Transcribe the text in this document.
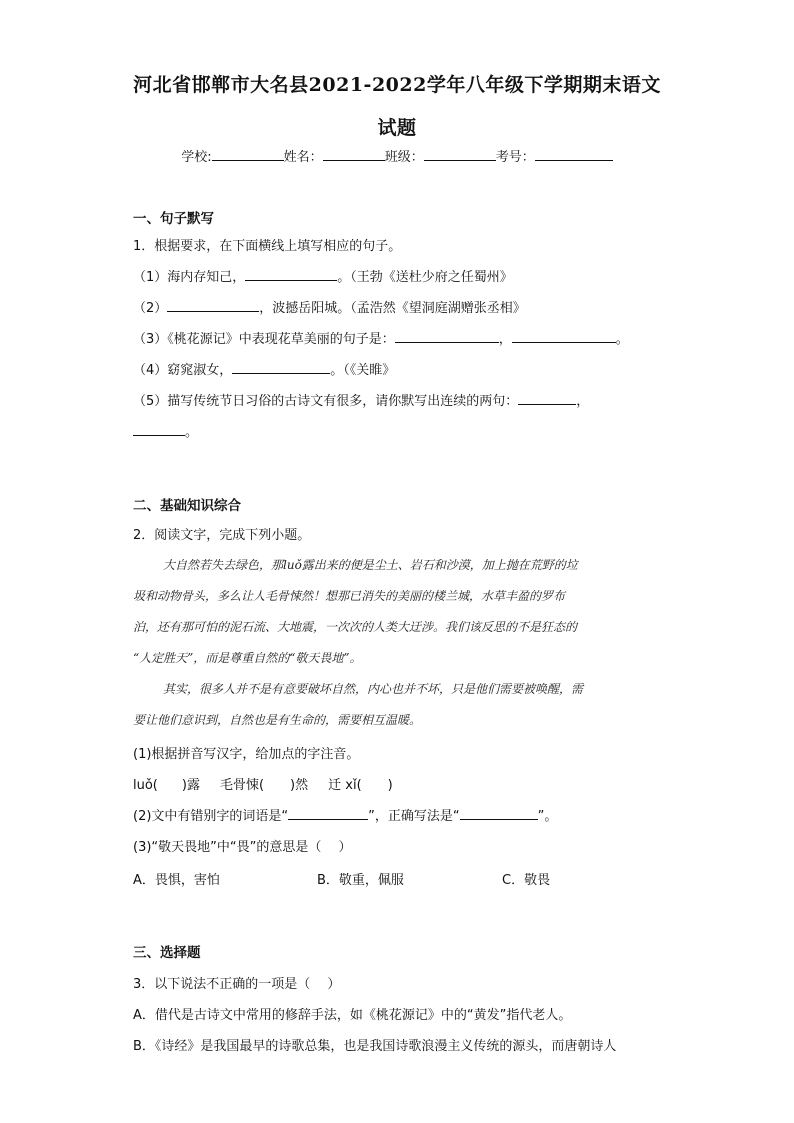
河北省邯郸市大名县2021-2022学年八年级下学期期末语文
试题
学校:	姓名：	班级：	考号：
一、句子默写
1．根据要求，在下面横线上填写相应的句子。
（1）海内存知己，	。（王勃《送杜少府之任蜀州》
（2）	，波撼岳阳城。（孟浩然《望洞庭湖赠张丞相》
（3）《桃花源记》中表现花草美丽的句子是：	，	。
（4）窈窕淑女，	。（《关睢》
（5）描写传统节日习俗的古诗文有很多，请你默写出连续的两句：	，
。
二、基础知识综合
2．阅读文字，完成下列小题。
大自然若失去绿色，那luǒ露出来的便是尘土、岩石和沙漠，加上抛在荒野的垃
圾和动物骨头，多么让人毛骨悚然！想那已消失的美丽的楼兰城，水草丰盈的罗布
泊，还有那可怕的泥石流、大地震，一次次的人类大迂涉。我们该反思的不是狂态的
“人定胜天”，而是尊重自然的“敬天畏地”。
其实，很多人并不是有意要破坏自然，内心也并不坏，只是他们需要被唤醒，需
要让他们意识到，自然也是有生命的，需要相互温暖。
(1)根据拼音写汉字，给加点的字注音。
luǒ( )露 毛骨悚( )然 迁 xǐ( )
(2)文中有错别字的词语是“	”，正确写法是“	”。
(3)“敬天畏地”中“畏”的意思是（　 ）
A．畏惧，害怕	B．敬重，佩服	C．敬畏
三、选择题
3．以下说法不正确的一项是（　 ）
A．借代是古诗文中常用的修辞手法，如《桃花源记》中的“黄发”指代老人。
B．《诗经》是我国最早的诗歌总集，也是我国诗歌浪漫主义传统的源头，而唐朝诗人
